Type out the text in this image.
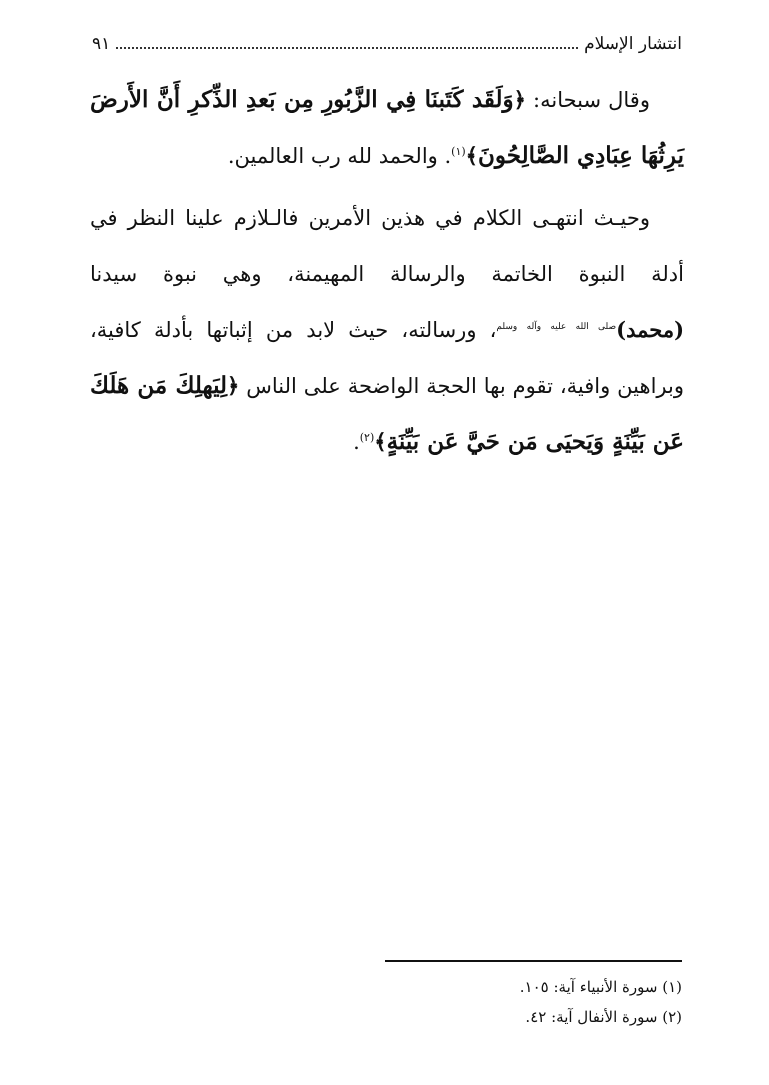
انتشار الإسلام
٩١

وقال سبحانه: ﴿وَلَقَد كَتَبنَا فِي الزَّبُورِ مِن بَعدِ الذِّكرِ أَنَّ الأَرضَ يَرِثُهَا عِبَادِي الصَّالِحُونَ﴾$^{(١)}$. والحمد لله رب العالمين.

وحيـث انتهـى الكلام في هذين الأمرين فالـلازم علينا النظر في أدلة النبوة الخاتمة والرسالة المهيمنة، وهي نبوة سيدنا (محمد)$^{صلى الله عليه وآله وسلم}$، ورسالته، حيث لابد من إثباتها بأدلة كافية، وبراهين وافية، تقوم بها الحجة الواضحة على الناس ﴿لِيَهلِكَ مَن هَلَكَ عَن بَيِّنَةٍ وَيَحيَى مَن حَيَّ عَن بَيِّنَةٍ﴾$^{(٢)}$.

(١) سورة الأنبياء آية: ١٠٥.
(٢) سورة الأنفال آية: ٤٢.
